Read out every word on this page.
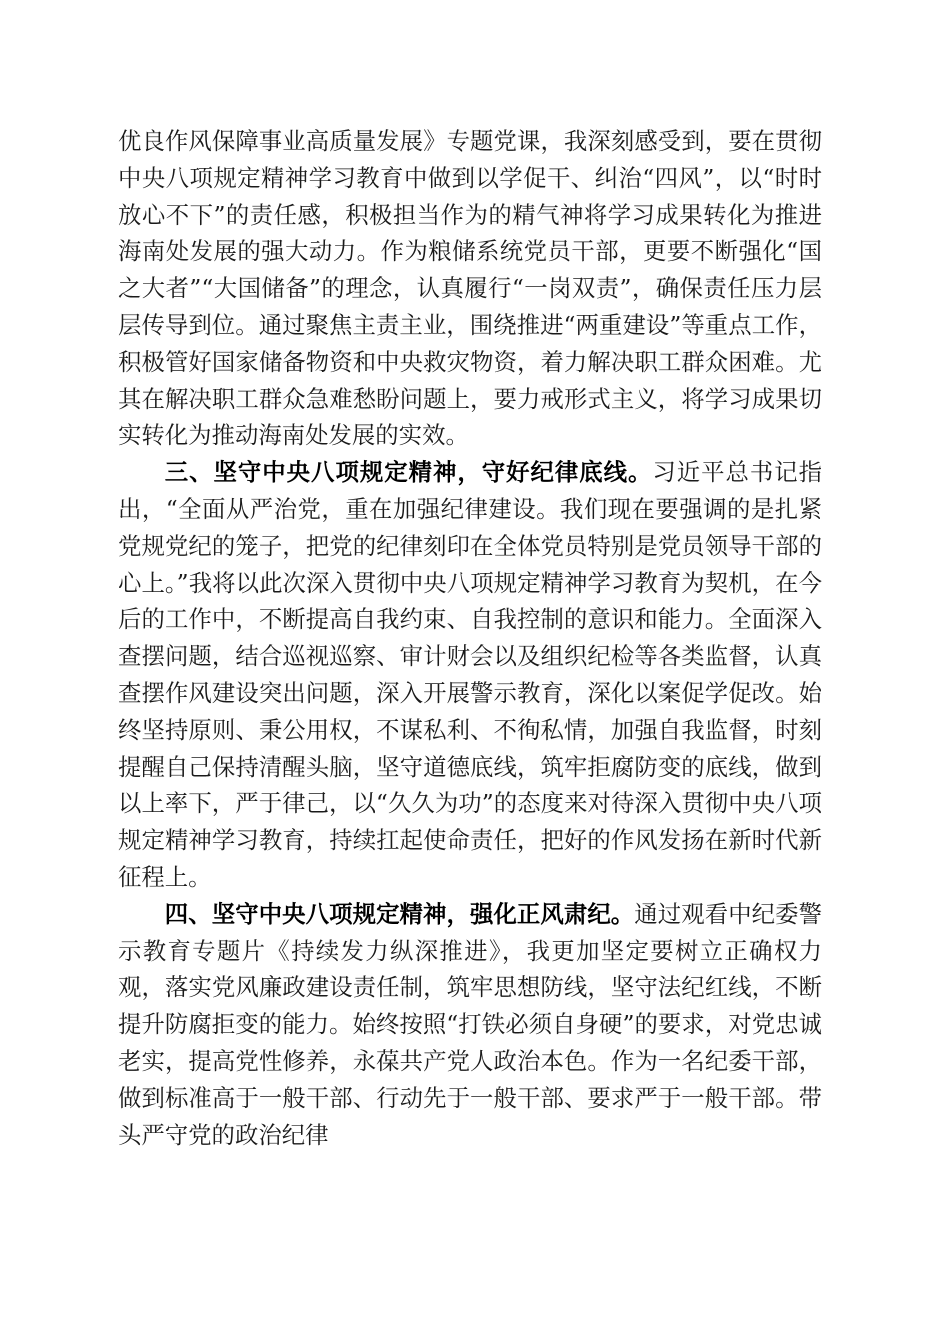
优良作风保障事业高质量发展》专题党课，我深刻感受到，要在贯彻中央八项规定精神学习教育中做到以学促干、纠治“四风”，以“时时放心不下”的责任感，积极担当作为的精气神将学习成果转化为推进海南处发展的强大动力。作为粮储系统党员干部，更要不断强化“国之大者”“大国储备”的理念，认真履行“一岗双责”，确保责任压力层层传导到位。通过聚焦主责主业，围绕推进“两重建设”等重点工作，积极管好国家储备物资和中央救灾物资，着力解决职工群众困难。尤其在解决职工群众急难愁盼问题上，要力戒形式主义，将学习成果切实转化为推动海南处发展的实效。

三、坚守中央八项规定精神，守好纪律底线。习近平总书记指出，“全面从严治党，重在加强纪律建设。我们现在要强调的是扎紧党规党纪的笼子，把党的纪律刻印在全体党员特别是党员领导干部的心上。”我将以此次深入贯彻中央八项规定精神学习教育为契机，在今后的工作中，不断提高自我约束、自我控制的意识和能力。全面深入查摆问题，结合巡视巡察、审计财会以及组织纪检等各类监督，认真查摆作风建设突出问题，深入开展警示教育，深化以案促学促改。始终坚持原则、秉公用权，不谋私利、不徇私情，加强自我监督，时刻提醒自己保持清醒头脑，坚守道德底线，筑牢拒腐防变的底线，做到以上率下，严于律己，以“久久为功”的态度来对待深入贯彻中央八项规定精神学习教育，持续扛起使命责任，把好的作风发扬在新时代新征程上。

四、坚守中央八项规定精神，强化正风肃纪。通过观看中纪委警示教育专题片《持续发力纵深推进》，我更加坚定要树立正确权力观，落实党风廉政建设责任制，筑牢思想防线，坚守法纪红线，不断提升防腐拒变的能力。始终按照“打铁必须自身硬”的要求，对党忠诚老实，提高党性修养，永葆共产党人政治本色。作为一名纪委干部，做到标准高于一般干部、行动先于一般干部、要求严于一般干部。带头严守党的政治纪律
